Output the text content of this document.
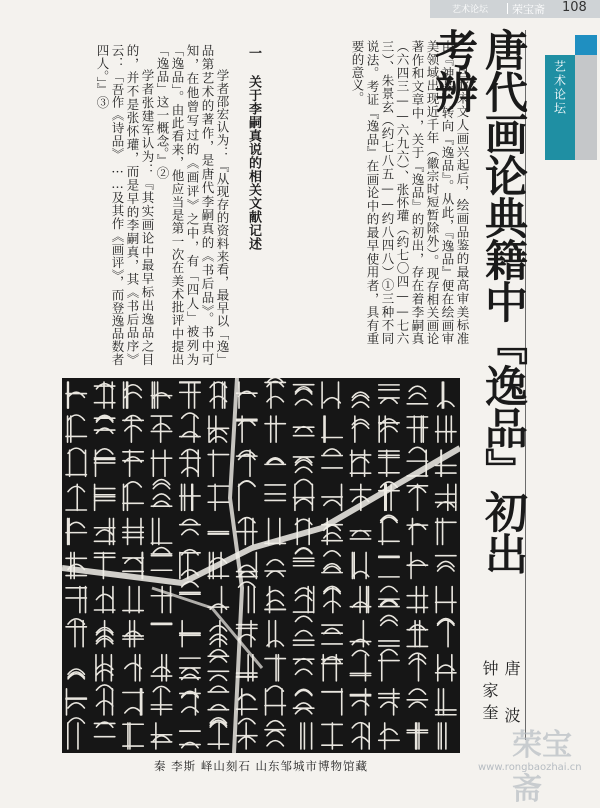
艺术论坛 荣宝斋 108
艺术论坛
唐代画论典籍中『逸品』初出考辨
唐 波 钟家奎

自北宋文人画兴起后，绘画品鉴的最高审美标准由『神品』转向『逸品』。从此，『逸品』便在绘画审美领域出现近千年（徽宗时短暂除外）。现存相关画论著作和文章中，关于『逸品』的初出，存在着李嗣真（六四三——六九六）、张怀瓘（约七〇四——七六三）、朱景玄（约七八五——约八四八）①三种不同说法。考证『逸品』在画论中的最早使用者，具有重要的意义。

一 关于李嗣真说的相关文献记述

学者邵宏认为：『从现存的资料来看，最早以「逸」品第艺术的著作，是唐代李嗣真的《书后品》。书中可知，在他曾写过的《画评》之中，有「四人」被列为「逸品」。由此看来，他应当是第一次在美术批评中提出「逸品」这一概念。』②

学者张建军认为：『其实画论中最早标出逸品之目的，并不是张怀瓘，而是早的李嗣真，其《书后品序》云：「吾作《诗品》……及其作《画评》，而登逸品数者四人。」』③

秦 李斯 峄山刻石 山东邹城市博物馆藏
荣宝斋
www.rongbaozhai.cn
